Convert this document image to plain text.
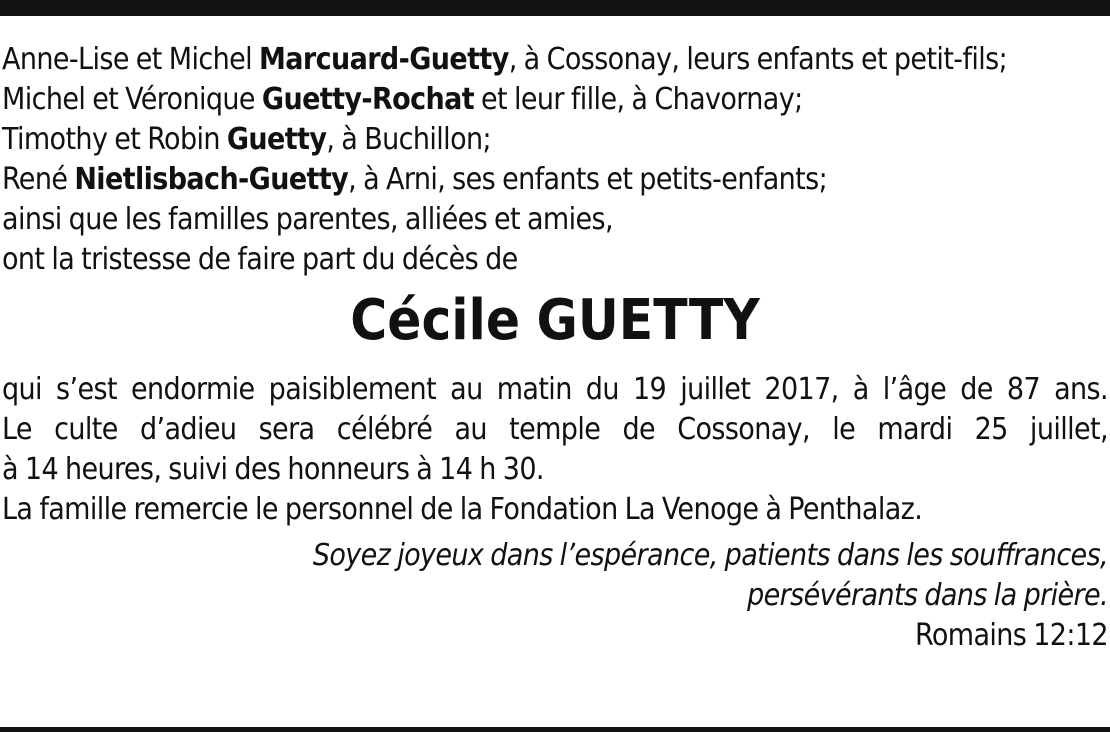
Anne-Lise et Michel Marcuard-Guetty, à Cossonay, leurs enfants et petit-fils;
Michel et Véronique Guetty-Rochat et leur fille, à Chavornay;
Timothy et Robin Guetty, à Buchillon;
René Nietlisbach-Guetty, à Arni, ses enfants et petits-enfants;
ainsi que les familles parentes, alliées et amies,
ont la tristesse de faire part du décès de
Cécile GUETTY
qui s’est endormie paisiblement au matin du 19 juillet 2017, à l’âge de 87 ans.
Le culte d’adieu sera célébré au temple de Cossonay, le mardi 25 juillet,
à 14 heures, suivi des honneurs à 14 h 30.
La famille remercie le personnel de la Fondation La Venoge à Penthalaz.
Soyez joyeux dans l’espérance, patients dans les souffrances,
persévérants dans la prière.
Romains 12:12
